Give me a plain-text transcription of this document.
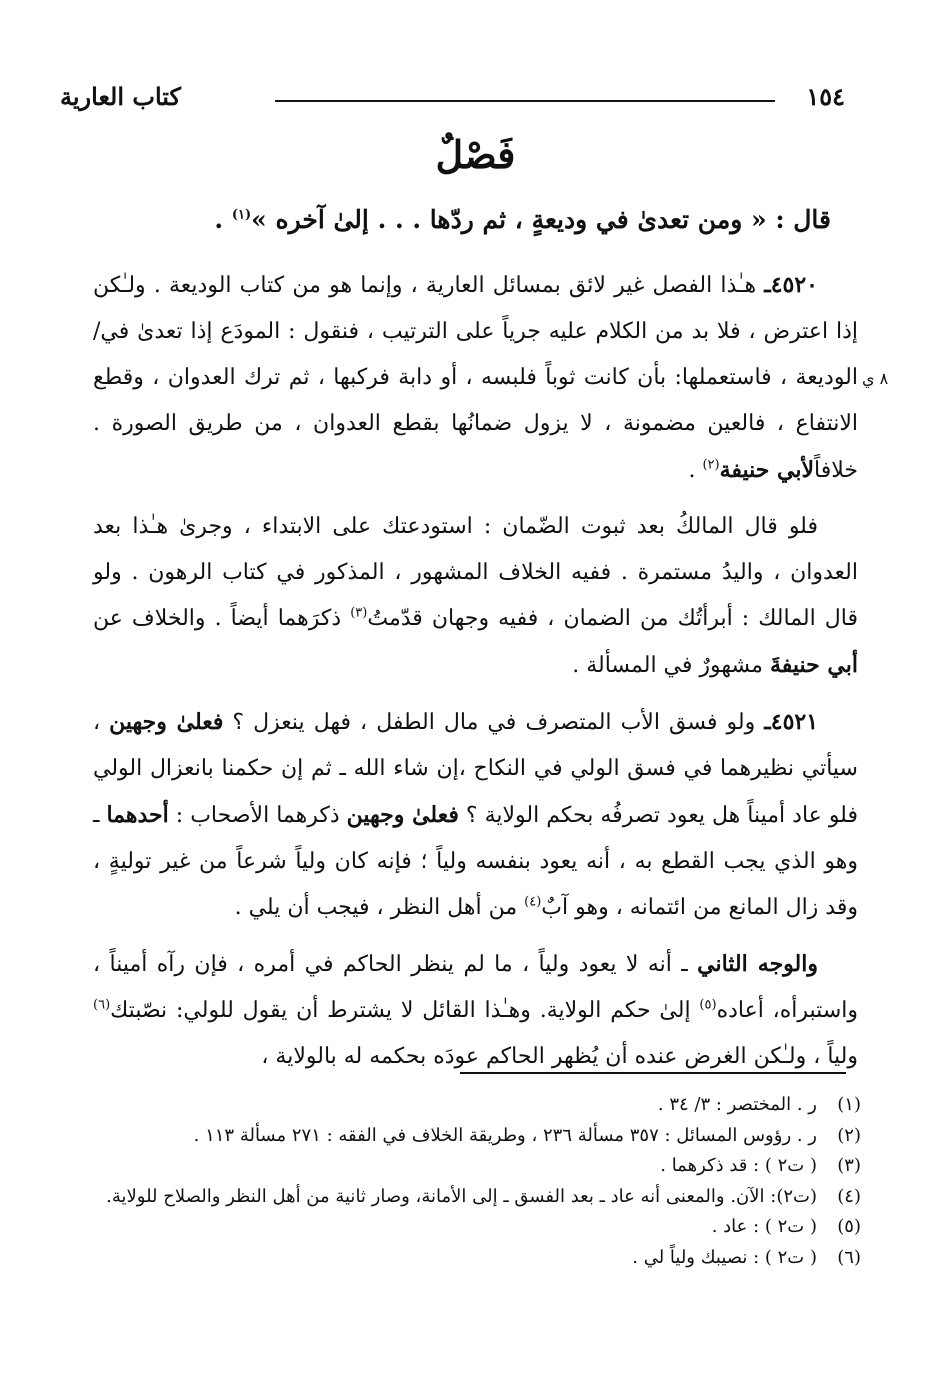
١٥٤
كتاب العارية
فَصْلٌ
قال : « ومن تعدىٰ في وديعةٍ ، ثم ردّها . . . إلىٰ آخره »$^{(١)}$ .
٨ ي

٤٥٢٠ـ هـٰذا الفصل غير لائق بمسائل العارية ، وإنما هو من كتاب الوديعة . ولـٰكن إذا اعترض ، فلا بد من الكلام عليه جرياً على الترتيب ، فنقول : المودَع إذا تعدىٰ في/ الوديعة ، فاستعملها: بأن كانت ثوباً فلبسه ، أو دابة فركبها ، ثم ترك العدوان ، وقطع الانتفاع ، فالعين مضمونة ، لا يزول ضمانُها بقطع العدوان ، من طريق الصورة . خلافاًلأبي حنيفة$^{(٢)}$ .

فلو قال المالكُ بعد ثبوت الضّمان : استودعتك على الابتداء ، وجرىٰ هـٰذا بعد العدوان ، واليدُ مستمرة . ففيه الخلاف المشهور ، المذكور في كتاب الرهون . ولو قال المالك : أبرأتُك من الضمان ، ففيه وجهان قدّمتُ$^{(٣)}$ ذكرَهما أيضاً . والخلاف عن أبي حنيفةَ مشهورٌ في المسألة .

٤٥٢١ـ ولو فسق الأب المتصرف في مال الطفل ، فهل ينعزل ؟ فعلىٰ وجهين ، سيأتي نظيرهما في فسق الولي في النكاح ،إن شاء الله ـ ثم إن حكمنا بانعزال الولي فلو عاد أميناً هل يعود تصرفُه بحكم الولاية ؟ فعلىٰ وجهين ذكرهما الأصحاب : أحدهما ـ وهو الذي يجب القطع به ، أنه يعود بنفسه ولياً ؛ فإنه كان ولياً شرعاً من غير توليةٍ ، وقد زال المانع من ائتمانه ، وهو آبٌ$^{(٤)}$ من أهل النظر ، فيجب أن يلي .

والوجه الثاني ـ أنه لا يعود ولياً ، ما لم ينظر الحاكم في أمره ، فإن رآه أميناً ، واستبرأه، أعاده$^{(٥)}$ إلىٰ حكم الولاية. وهـٰذا القائل لا يشترط أن يقول للولي: نصّبتك$^{(٦)}$ ولياً ، ولـٰكن الغرض عنده أن يُظهر الحاكم عودَه بحكمه له بالولاية ،

(١)
ر . المختصر : ٣/ ٣٤ .
(٢)
ر . رؤوس المسائل : ٣٥٧ مسألة ٢٣٦ ، وطريقة الخلاف في الفقه : ٢٧١ مسألة ١١٣ .
(٣)
( ت٢ ) : قد ذكرهما .
(٤)
(ت٢): الآن. والمعنى أنه عاد ـ بعد الفسق ـ إلى الأمانة، وصار ثانية من أهل النظر والصلاح للولاية.
(٥)
( ت٢ ) : عاد .
(٦)
( ت٢ ) : نصيبك ولياً لي .
